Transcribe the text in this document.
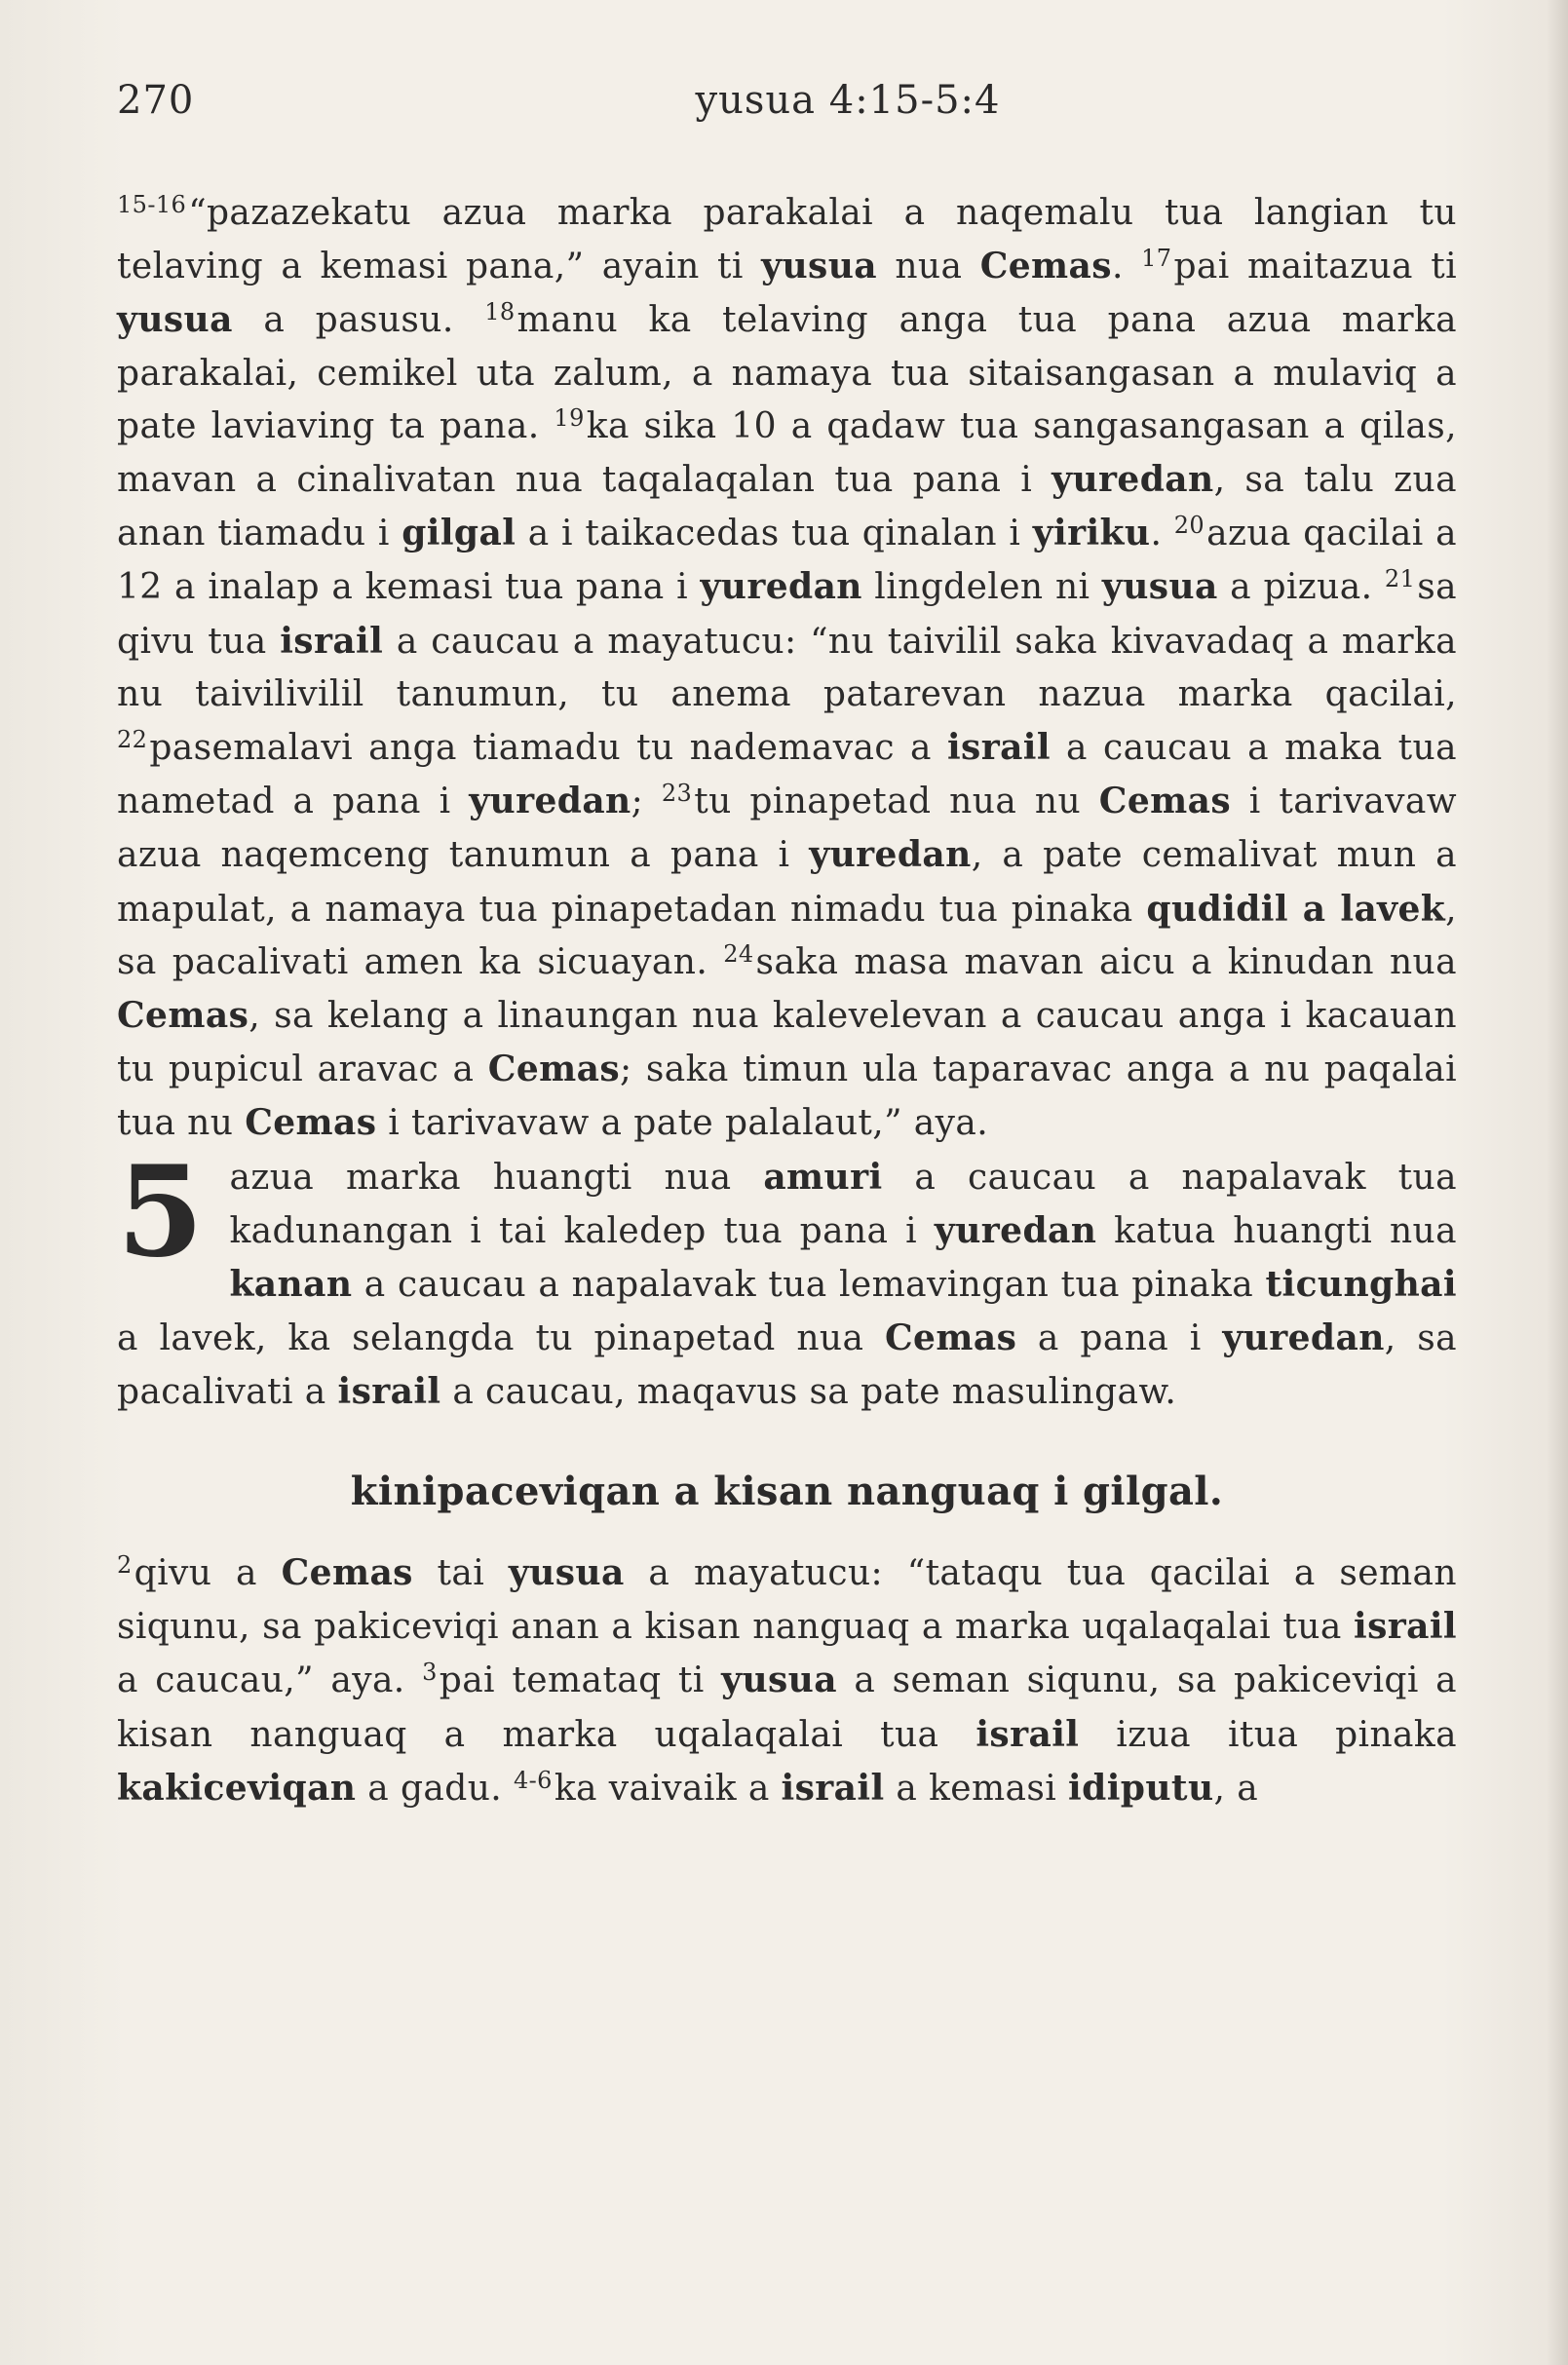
270	yusua 4:15-5:4

$^{15-16}$“pazazekatu azua marka parakalai a naqemalu tua langian tu telaving a kemasi pana,” ayain ti yusua nua Cemas. $^{17}$pai maitazua ti yusua a pasusu. $^{18}$manu ka telaving anga tua pana azua marka parakalai, cemikel uta zalum, a namaya tua sitaisangasan a mulaviq a pate laviaving ta pana. $^{19}$ka sika 10 a qadaw tua sangasangasan a qilas, mavan a cinalivatan nua taqalaqalan tua pana i yuredan, sa talu zua anan tiamadu i gilgal a i taikacedas tua qinalan i yiriku. $^{20}$azua qacilai a 12 a inalap a kemasi tua pana i yuredan lingdelen ni yusua a pizua. $^{21}$sa qivu tua israil a caucau a mayatucu: “nu taivilil saka kivavadaq a marka nu taivilivilil tanumun, tu anema patarevan nazua marka qacilai, $^{22}$pasemalavi anga tiamadu tu nademavac a israil a caucau a maka tua nametad a pana i yuredan; $^{23}$tu pinapetad nua nu Cemas i tarivavaw azua naqemceng tanumun a pana i yuredan, a pate cemalivat mun a mapulat, a namaya tua pinapetadan nimadu tua pinaka qudidil a lavek, sa pacalivati amen ka sicuayan. $^{24}$saka masa mavan aicu a kinudan nua Cemas, sa kelang a linaungan nua kalevelevan a caucau anga i kacauan tu pupicul aravac a Cemas; saka timun ula taparavac anga a nu paqalai tua nu Cemas i tarivavaw a pate palalaut,” aya.

5 azua marka huangti nua amuri a caucau a napalavak tua kadunangan i tai kaledep tua pana i yuredan katua huangti nua kanan a caucau a napalavak tua lemavingan tua pinaka ticunghai a lavek, ka selangda tu pinapetad nua Cemas a pana i yuredan, sa pacalivati a israil a caucau, maqavus sa pate masulingaw.

kinipaceviqan a kisan nanguaq i gilgal.

$^2$qivu a Cemas tai yusua a mayatucu: “tataqu tua qacilai a seman siqunu, sa pakiceviqi anan a kisan nanguaq a marka uqalaqalai tua israil a caucau,” aya. $^3$pai temataq ti yusua a seman siqunu, sa pakiceviqi a kisan nanguaq a marka uqalaqalai tua israil izua itua pinaka kakiceviqan a gadu. $^{4-6}$ka vaivaik a israil a kemasi idiputu, a
